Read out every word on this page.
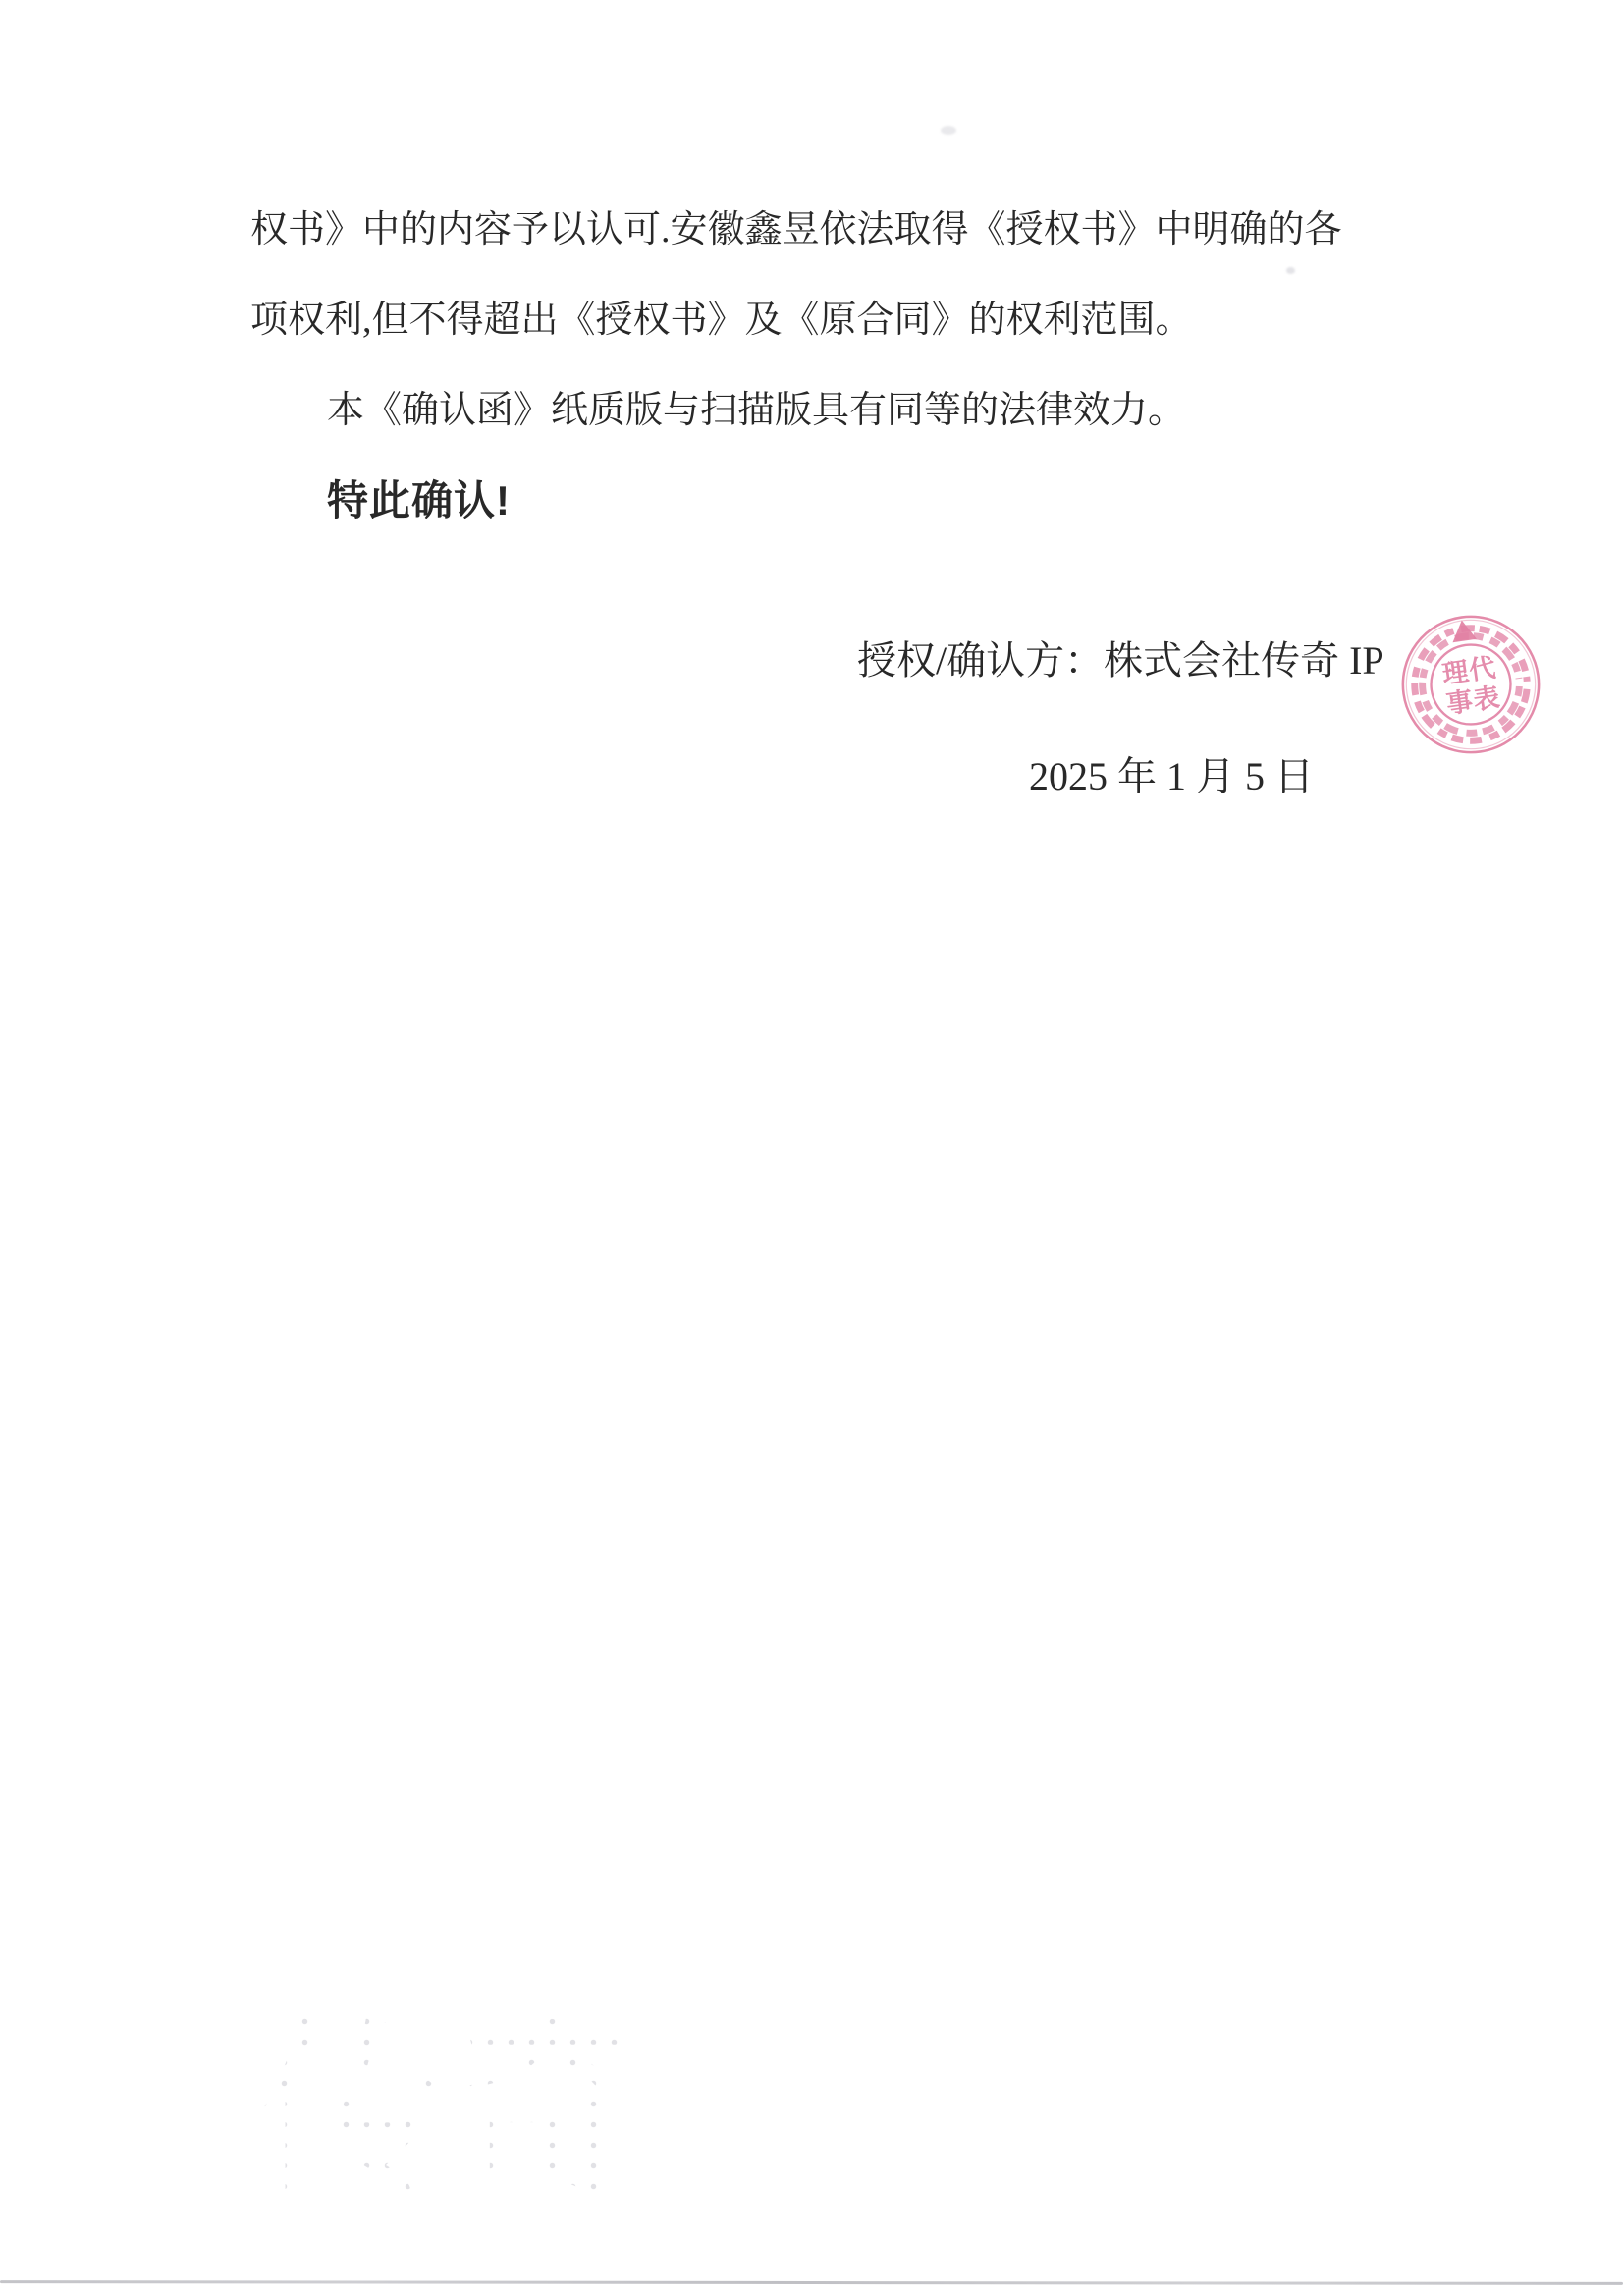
权书》中的内容予以认可.安徽鑫昱依法取得《授权书》中明确的各
项权利,但不得超出《授权书》及《原合同》的权利范围。
本《确认函》纸质版与扫描版具有同等的法律效力。
特此确认!
授权/确认方：株式会社传奇 IP
2025 年 1 月 5 日
代
表
理
事
传奇
